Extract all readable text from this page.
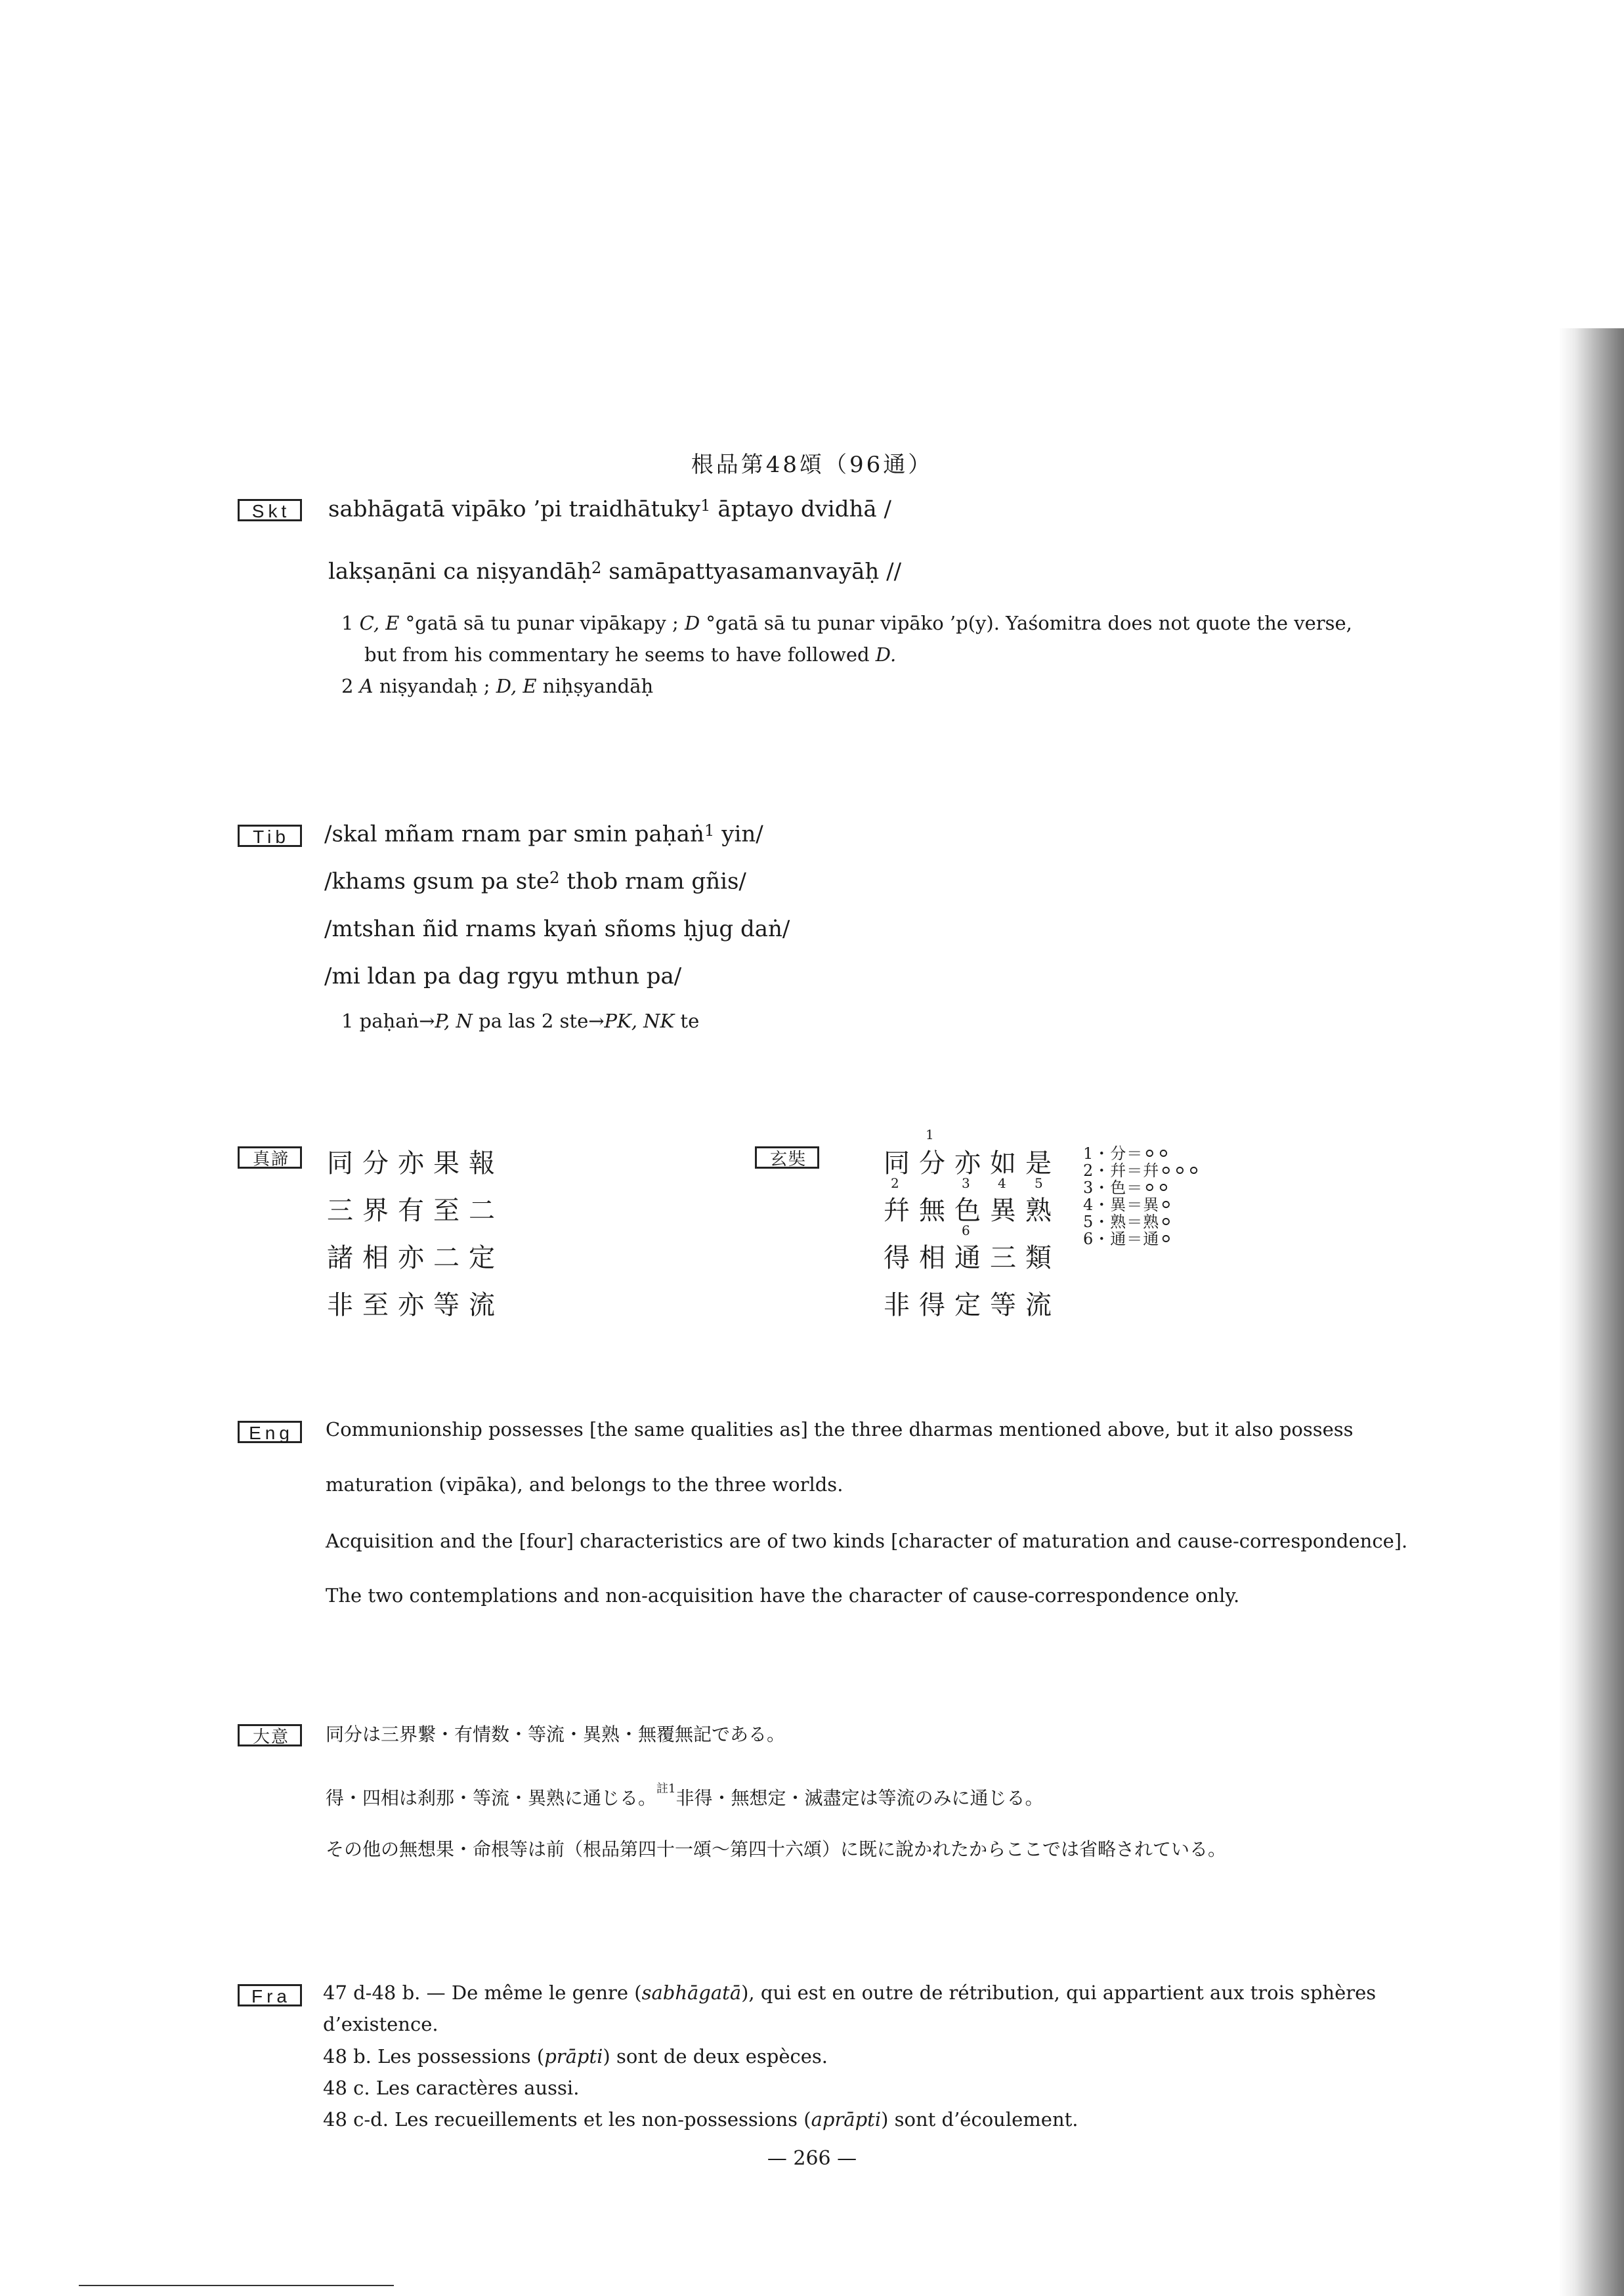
根品第48頌（96通）
Skt	sabhāgatā vipāko ’pi traidhātuky$^1$ āptayo dvidhā /
lakṣaṇāni ca niṣyandāḥ$^2$ samāpattyasamanvayāḥ //
1 C, E °gatā sā tu punar vipākapy ; D °gatā sā tu punar vipāko ’p(y). Yaśomitra does not quote the verse,
but from his commentary he seems to have followed D.
2 A niṣyandaḥ ; D, E niḥṣyandāḥ
Tib	/skal mñam rnam par smin paḥaṅ$^1$ yin/
/khams gsum pa ste$^2$ thob rnam gñis/
/mtshan ñid rnams kyaṅ sñoms ḥjug daṅ/
/mi ldan pa dag rgyu mthun pa/
1 paḥaṅ→P, N pa las 2 ste→PK, NK te
真諦	同分亦果報
三界有至二
諸相亦二定
非至亦等流
玄奘	同分亦如是
幷無色異熟
得相通三類
非得定等流
1
2	3 4 5
6
1・分＝⚪︎⚪︎
2・幷＝幷⚪︎⚪︎⚪︎
3・色＝⚪︎⚪︎
4・異＝異⚪︎
5・熟＝熟⚪︎
6・通＝通⚪︎
Eng	Communionship possesses [the same qualities as] the three dharmas mentioned above, but it also possess
maturation (vipāka), and belongs to the three worlds.
Acquisition and the [four] characteristics are of two kinds [character of maturation and cause-correspondence].
The two contemplations and non-acquisition have the character of cause-correspondence only.
大意	同分は三界繋・有情数・等流・異熟・無覆無記である。
得・四相は刹那・等流・異熟に通じる。$^{註1}$非得・無想定・滅盡定は等流のみに通じる。
その他の無想果・命根等は前（根品第四十一頌〜第四十六頌）に既に說かれたからここでは省略されている。
Fra	47 d-48 b. — De même le genre (sabhāgatā), qui est en outre de rétribution, qui appartient aux trois sphères
d’existence.
48 b. Les possessions (prāpti) sont de deux espèces.
48 c. Les caractères aussi.
48 c-d. Les recueillements et les non-possessions (aprāpti) sont d’écoulement.
— 266 —
